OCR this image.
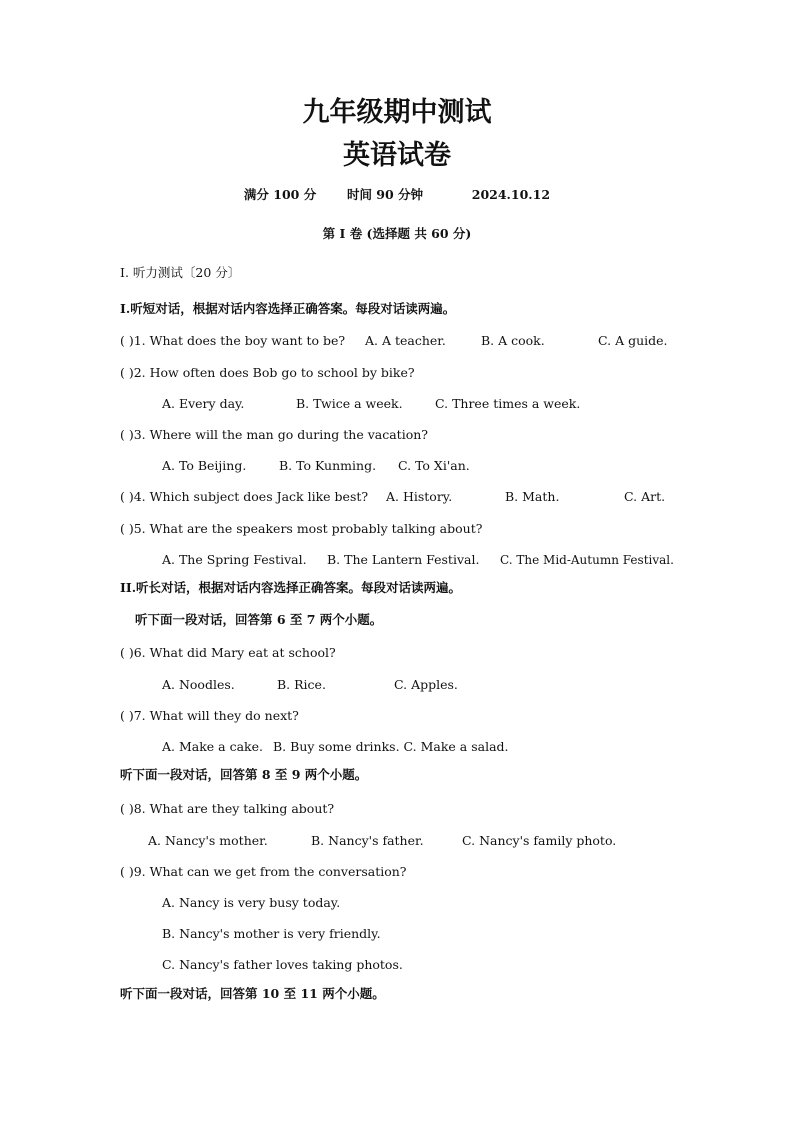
九年级期中测试
英语试卷
满分 100 分 时间 90 分钟	2024.10.12
第 I 卷 (选择题 共 60 分)
Ⅰ. 听力测试〔20 分〕
I.听短对话，根据对话内容选择正确答案。每段对话读两遍。
( )1. What does the boy want to be? A. A teacher.	B. A cook.	C. A guide.
( )2. How often does Bob go to school by bike?
A. Every day.	B. Twice a week.	C. Three times a week.
( )3. Where will the man go during the vacation?
A. To Beijing.	B. To Kunming. C. To Xi'an.
( )4. Which subject does Jack like best? A. History.	B. Math.	C. Art.
( )5. What are the speakers most probably talking about?
A. The Spring Festival. B. The Lantern Festival. C. The Mid-Autumn Festival.
II.听长对话，根据对话内容选择正确答案。每段对话读两遍。
听下面一段对话，回答第 6 至 7 两个小题。
( )6. What did Mary eat at school?
A. Noodles.	B. Rice.	C. Apples.
( )7. What will they do next?
A. Make a cake. B. Buy some drinks. C. Make a salad.
听下面一段对话，回答第 8 至 9 两个小题。
( )8. What are they talking about?
A. Nancy's mother.	B. Nancy's father.	C. Nancy's family photo.
( )9. What can we get from the conversation?
A. Nancy is very busy today.
B. Nancy's mother is very friendly.
C. Nancy's father loves taking photos.
听下面一段对话，回答第 10 至 11 两个小题。
